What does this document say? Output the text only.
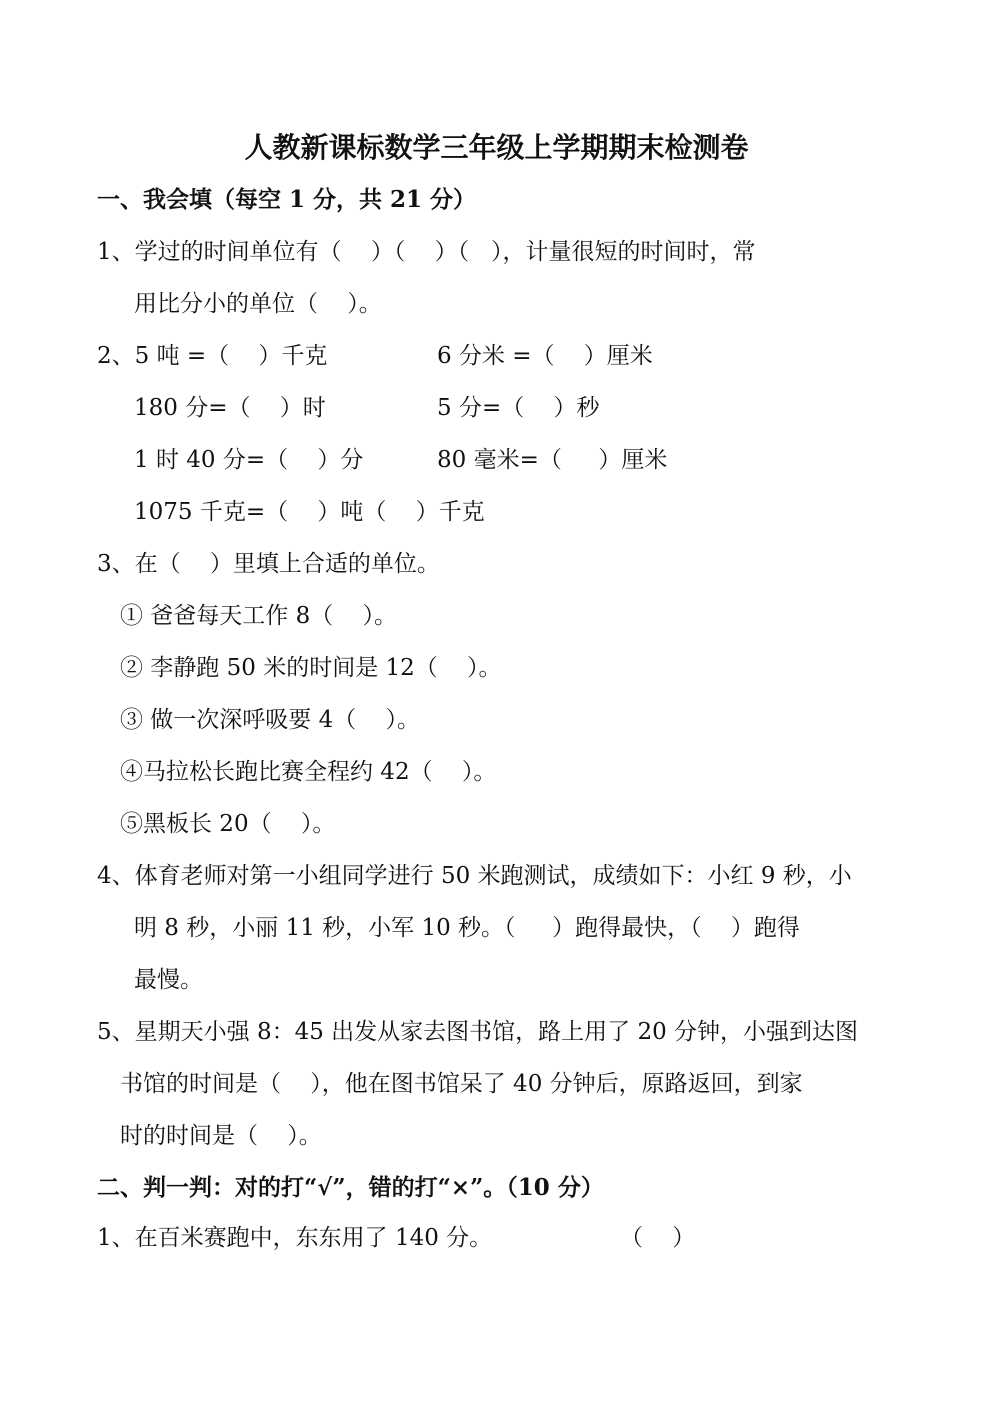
人教新课标数学三年级上学期期末检测卷
一、我会填（每空 1 分，共 21 分）
1、学过的时间单位有（    ）（    ）（   ），计量很短的时间时，常
用比分小的单位（    ）。
2、5 吨 =（    ）千克	6 分米 =（    ）厘米
180 分=（    ）时	5 分=（    ）秒
1 时 40 分=（    ）分	80 毫米=（     ）厘米
1075 千克=（    ）吨（    ）千克
3、在（    ）里填上合适的单位。
① 爸爸每天工作 8（    ）。
② 李静跑 50 米的时间是 12（    ）。
③ 做一次深呼吸要 4（    ）。
④马拉松长跑比赛全程约 42（    ）。
⑤黑板长 20（    ）。
4、体育老师对第一小组同学进行 50 米跑测试，成绩如下：小红 9 秒，小
明 8 秒，小丽 11 秒，小军 10 秒。（     ）跑得最快，（    ）跑得
最慢。
5、星期天小强 8：45 出发从家去图书馆，路上用了 20 分钟，小强到达图
书馆的时间是（    ），他在图书馆呆了 40 分钟后，原路返回，到家
时的时间是（    ）。
二、判一判：对的打“√”，错的打“×”。（10 分）
1、在百米赛跑中，东东用了 140 分。	（    ）
